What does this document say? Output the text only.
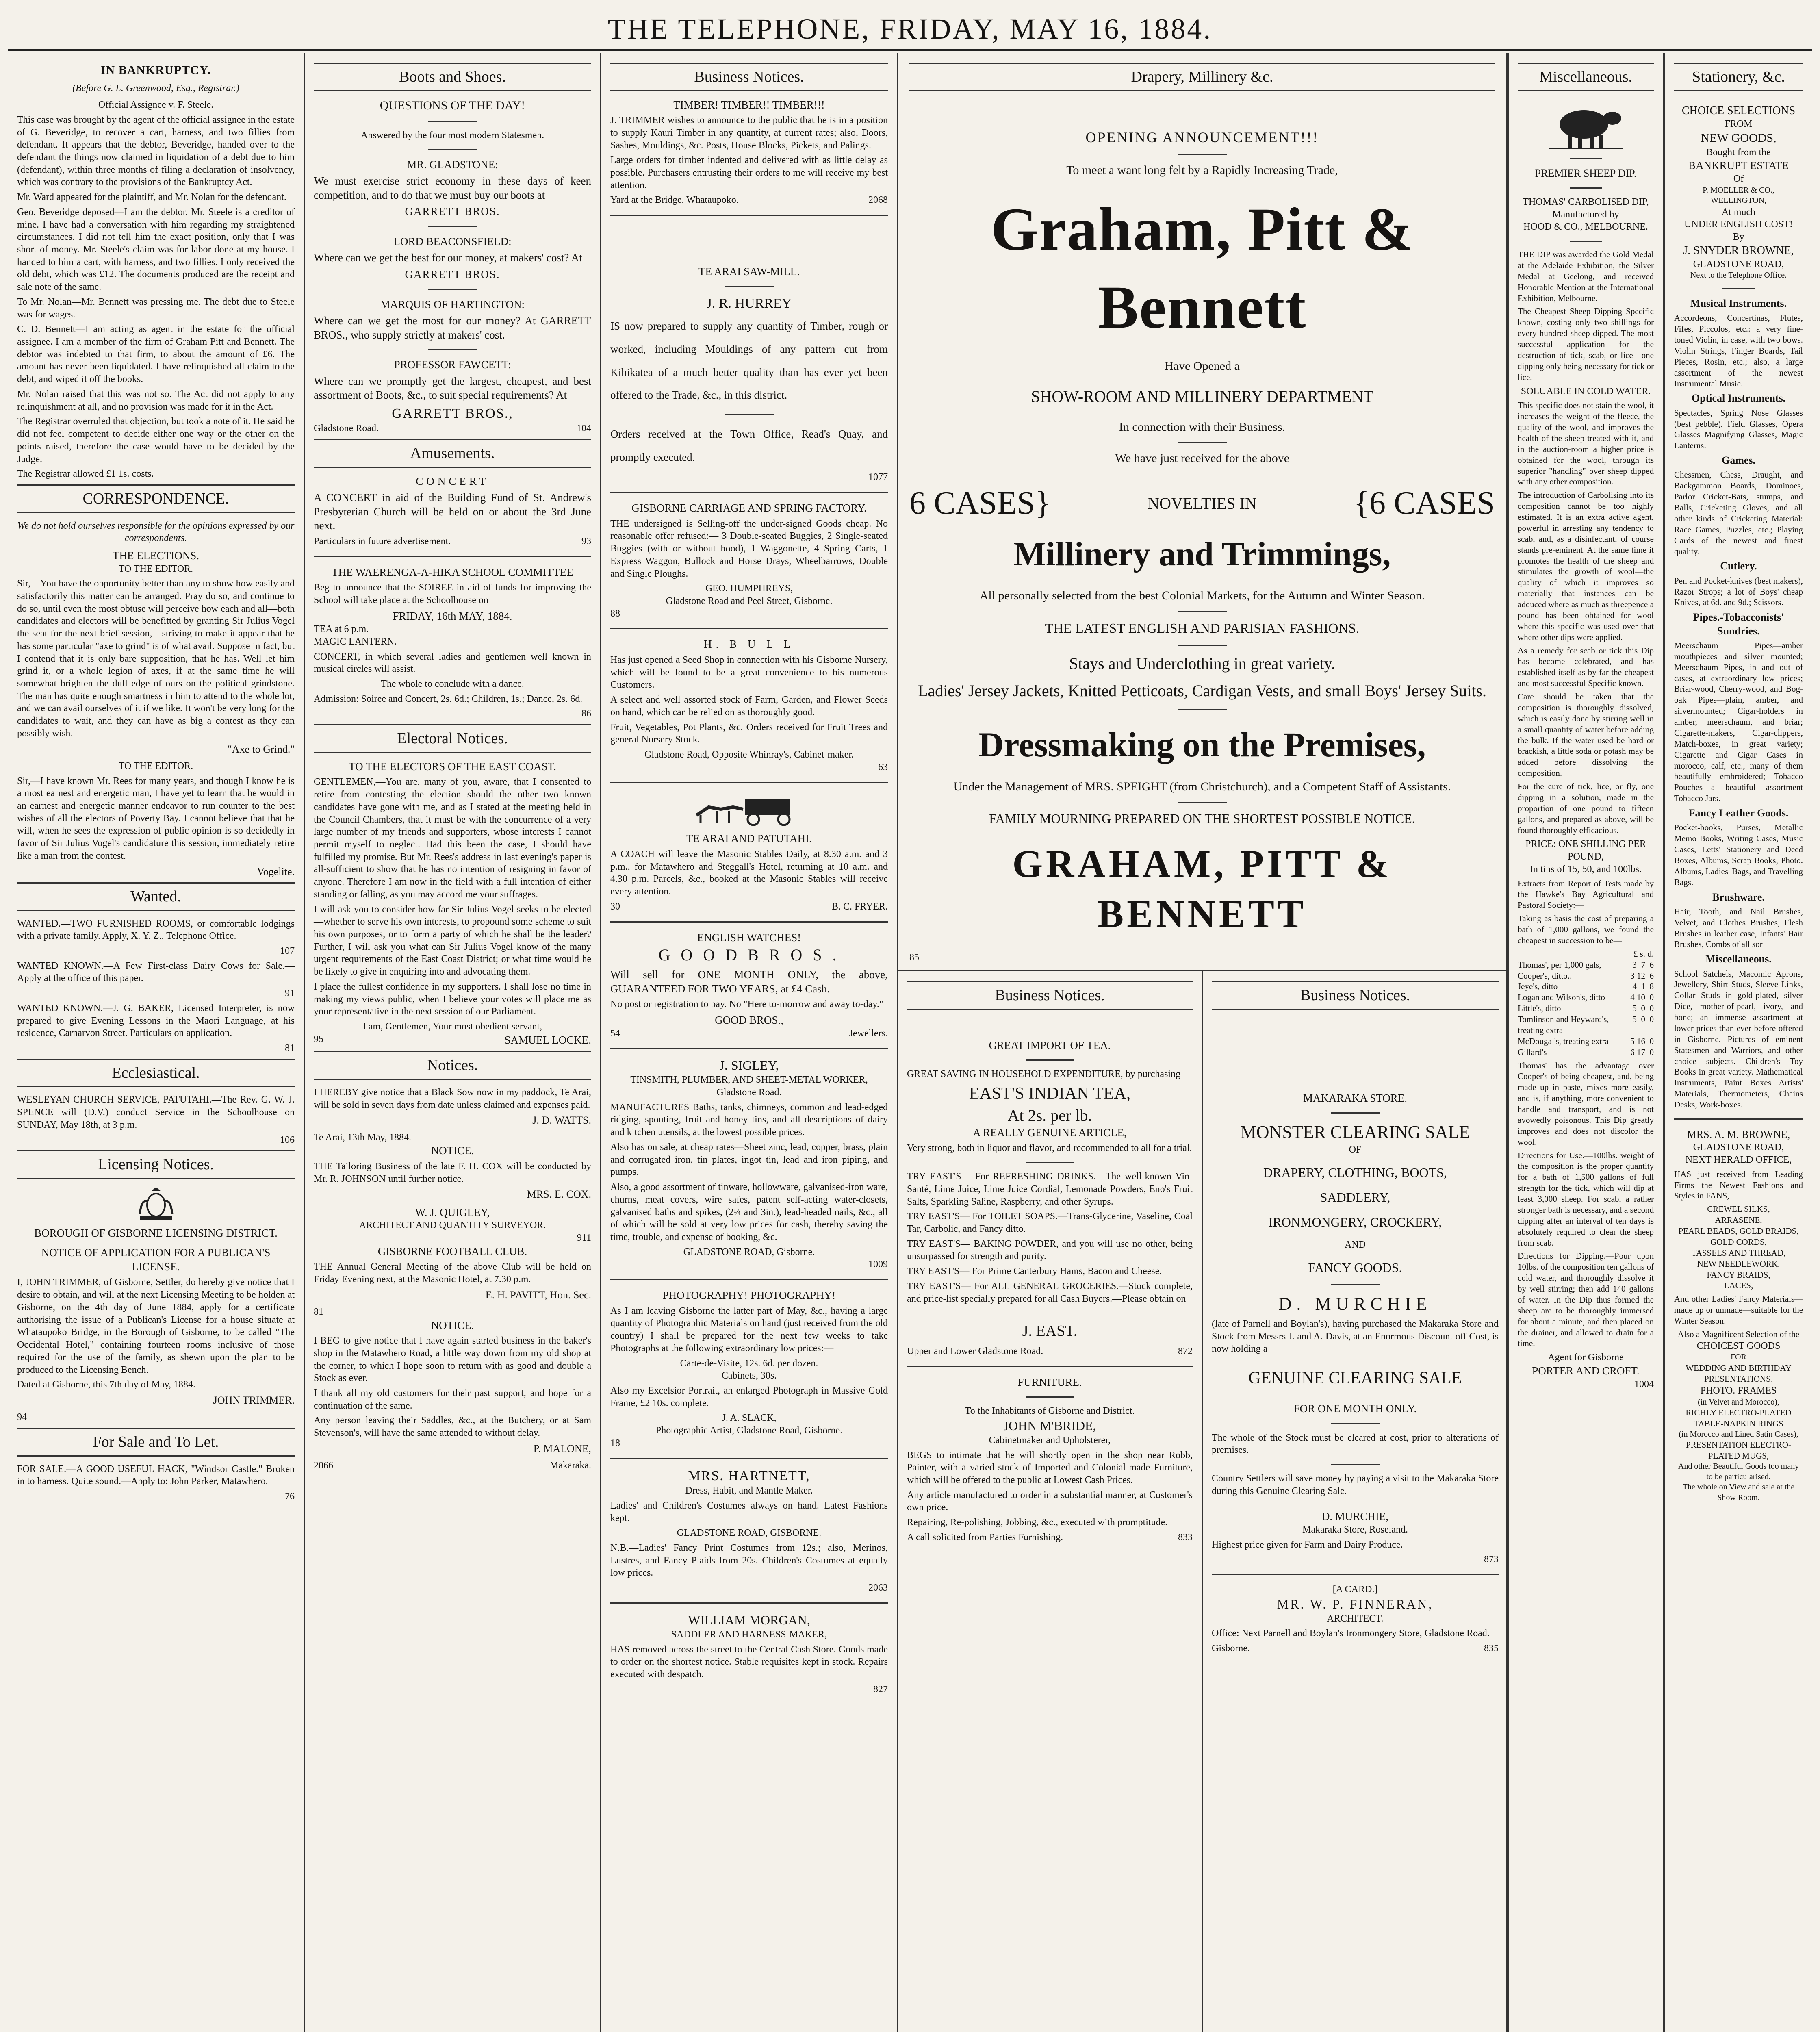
THE TELEPHONE, FRIDAY, MAY 16, 1884.
IN BANKRUPTCY.
(Before G. L. Greenwood, Esq., Registrar.)
Official Assignee v. F. Steele.

This case was brought by the agent of the official assignee in the estate of G. Beveridge, to recover a cart, harness, and two fillies from defendant. It appears that the debtor, Beveridge, handed over to the defendant the things now claimed in liquidation of a debt due to him (defendant), within three months of filing a declaration of insolvency, which was contrary to the provisions of the Bankruptcy Act.

Mr. Ward appeared for the plaintiff, and Mr. Nolan for the defendant.

Geo. Beveridge deposed—I am the debtor. Mr. Steele is a creditor of mine. I have had a conversation with him regarding my straightened circumstances. I did not tell him the exact position, only that I was short of money. Mr. Steele's claim was for labor done at my house. I handed to him a cart, with harness, and two fillies. I only received the old debt, which was £12. The documents produced are the receipt and sale note of the same.

To Mr. Nolan—Mr. Bennett was pressing me. The debt due to Steele was for wages.

C. D. Bennett—I am acting as agent in the estate for the official assignee. I am a member of the firm of Graham Pitt and Bennett. The debtor was indebted to that firm, to about the amount of £6. The amount has never been liquidated. I have relinquished all claim to the debt, and wiped it off the books.

Mr. Nolan raised that this was not so. The Act did not apply to any relinquishment at all, and no provision was made for it in the Act.

The Registrar overruled that objection, but took a note of it. He said he did not feel competent to decide either one way or the other on the points raised, therefore the case would have to be decided by the Judge.

The Registrar allowed £1 1s. costs.

CORRESPONDENCE.
We do not hold ourselves responsible for the opinions expressed by our correspondents.
THE ELECTIONS.
TO THE EDITOR.

Sir,—You have the opportunity better than any to show how easily and satisfactorily this matter can be arranged. Pray do so, and continue to do so, until even the most obtuse will perceive how each and all—both candidates and electors will be benefitted by granting Sir Julius Vogel the seat for the next brief session,—striving to make it appear that he has some particular "axe to grind" is of what avail. Suppose in fact, but I contend that it is only bare supposition, that he has. Well let him grind it, or a whole legion of axes, if at the same time he will somewhat brighten the dull edge of ours on the political grindstone. The man has quite enough smartness in him to attend to the whole lot, and we can avail ourselves of it if we like. It won't be very long for the candidates to wait, and they can have as big a contest as they can possibly wish.

"Axe to Grind."
TO THE EDITOR.

Sir,—I have known Mr. Rees for many years, and though I know he is a most earnest and energetic man, I have yet to learn that he would in an earnest and energetic manner endeavor to run counter to the best wishes of all the electors of Poverty Bay. I cannot believe that that he will, when he sees the expression of public opinion is so decidedly in favor of Sir Julius Vogel's candidature this session, immediately retire like a man from the contest.

Vogelite.
Wanted.

WANTED.—TWO FURNISHED ROOMS, or comfortable lodgings with a private family. Apply, X. Y. Z., Telephone Office.

107

WANTED KNOWN.—A Few First-class Dairy Cows for Sale.—Apply at the office of this paper.

91

WANTED KNOWN.—J. G. BAKER, Licensed Interpreter, is now prepared to give Evening Lessons in the Maori Language, at his residence, Carnarvon Street. Particulars on application.

81
Ecclesiastical.

WESLEYAN CHURCH SERVICE, PATUTAHI.—The Rev. G. W. J. SPENCE will (D.V.) conduct Service in the Schoolhouse on SUNDAY, May 18th, at 3 p.m.

106
Licensing Notices.
BOROUGH OF GISBORNE LICENSING DISTRICT.
NOTICE OF APPLICATION FOR A PUBLICAN'S LICENSE.

I, JOHN TRIMMER, of Gisborne, Settler, do hereby give notice that I desire to obtain, and will at the next Licensing Meeting to be holden at Gisborne, on the 4th day of June 1884, apply for a certificate authorising the issue of a Publican's License for a house situate at Whataupoko Bridge, in the Borough of Gisborne, to be called "The Occidental Hotel," containing fourteen rooms inclusive of those required for the use of the family, as shewn upon the plan to be produced to the Licensing Bench.

Dated at Gisborne, this 7th day of May, 1884.

JOHN TRIMMER.
94
For Sale and To Let.

FOR SALE.—A GOOD USEFUL HACK, "Windsor Castle." Broken in to harness. Quite sound.—Apply to: John Parker, Matawhero.

76
Boots and Shoes.
QUESTIONS OF THE DAY!
Answered by the four most modern Statesmen.
MR. GLADSTONE:

We must exercise strict economy in these days of keen competition, and to do that we must buy our boots at

GARRETT BROS.
LORD BEACONSFIELD:

Where can we get the best for our money, at makers' cost? At

GARRETT BROS.
MARQUIS OF HARTINGTON:

Where can we get the most for our money? At GARRETT BROS., who supply strictly at makers' cost.

PROFESSOR FAWCETT:

Where can we promptly get the largest, cheapest, and best assortment of Boots, &c., to suit special requirements? At

GARRETT BROS.,
Gladstone Road.	104
Amusements.
CONCERT

A CONCERT in aid of the Building Fund of St. Andrew's Presbyterian Church will be held on or about the 3rd June next.

Particulars in future advertisement.	93
THE WAERENGA-A-HIKA SCHOOL COMMITTEE

Beg to announce that the SOIREE in aid of funds for improving the School will take place at the Schoolhouse on

FRIDAY, 16th MAY, 1884.
TEA at 6 p.m.
MAGIC LANTERN.

CONCERT, in which several ladies and gentlemen well known in musical circles will assist.

The whole to conclude with a dance.

Admission: Soiree and Concert, 2s. 6d.; Children, 1s.; Dance, 2s. 6d.

86
Electoral Notices.
TO THE ELECTORS OF THE EAST COAST.

GENTLEMEN,—You are, many of you, aware, that I consented to retire from contesting the election should the other two known candidates have gone with me, and as I stated at the meeting held in the Council Chambers, that it must be with the concurrence of a very large number of my friends and supporters, whose interests I cannot permit myself to neglect. Had this been the case, I should have fulfilled my promise. But Mr. Rees's address in last evening's paper is all-sufficient to show that he has no intention of resigning in favor of anyone. Therefore I am now in the field with a full intention of either standing or falling, as you may accord me your suffrages.

I will ask you to consider how far Sir Julius Vogel seeks to be elected—whether to serve his own interests, to propound some scheme to suit his own purposes, or to form a party of which he shall be the leader? Further, I will ask you what can Sir Julius Vogel know of the many urgent requirements of the East Coast District; or what time would he be likely to give in enquiring into and advocating them.

I place the fullest confidence in my supporters. I shall lose no time in making my views public, when I believe your votes will place me as your representative in the next session of our Parliament.

I am, Gentlemen, Your most obedient servant,
95	SAMUEL LOCKE.
Notices.

I HEREBY give notice that a Black Sow now in my paddock, Te Arai, will be sold in seven days from date unless claimed and expenses paid.

J. D. WATTS.
Te Arai, 13th May, 1884.
NOTICE.

THE Tailoring Business of the late F. H. COX will be conducted by Mr. R. JOHNSON until further notice.

MRS. E. COX.
W. J. QUIGLEY,
ARCHITECT AND QUANTITY SURVEYOR.
911
GISBORNE FOOTBALL CLUB.

THE Annual General Meeting of the above Club will be held on Friday Evening next, at the Masonic Hotel, at 7.30 p.m.

E. H. PAVITT, Hon. Sec.
81
NOTICE.

I BEG to give notice that I have again started business in the baker's shop in the Matawhero Road, a little way down from my old shop at the corner, to which I hope soon to return with as good and double a Stock as ever.

I thank all my old customers for their past support, and hope for a continuation of the same.

Any person leaving their Saddles, &c., at the Butchery, or at Sam Stevenson's, will have the same attended to without delay.

P. MALONE,
2066	Makaraka.
Business Notices.
TIMBER! TIMBER!! TIMBER!!!

J. TRIMMER wishes to announce to the public that he is in a position to supply Kauri Timber in any quantity, at current rates; also, Doors, Sashes, Mouldings, &c. Posts, House Blocks, Pickets, and Palings.

Large orders for timber indented and delivered with as little delay as possible. Purchasers entrusting their orders to me will receive my best attention.

Yard at the Bridge, Whataupoko.	2068
TE ARAI SAW-MILL.
J. R. HURREY

IS now prepared to supply any quantity of Timber, rough or worked, including Mouldings of any pattern cut from Kihikatea of a much better quality than has ever yet been offered to the Trade, &c., in this district.

Orders received at the Town Office, Read's Quay, and promptly executed.

1077
GISBORNE CARRIAGE AND SPRING FACTORY.

THE undersigned is Selling-off the under-signed Goods cheap. No reasonable offer refused:— 3 Double-seated Buggies, 2 Single-seated Buggies (with or without hood), 1 Waggonette, 4 Spring Carts, 1 Express Waggon, Bullock and Horse Drays, Wheelbarrows, Double and Single Ploughs.

GEO. HUMPHREYS,
Gladstone Road and Peel Street, Gisborne.
88
H. B U L L

Has just opened a Seed Shop in connection with his Gisborne Nursery, which will be found to be a great convenience to his numerous Customers.

A select and well assorted stock of Farm, Garden, and Flower Seeds on hand, which can be relied on as thoroughly good.

Fruit, Vegetables, Pot Plants, &c. Orders received for Fruit Trees and general Nursery Stock.

Gladstone Road, Opposite Whinray's, Cabinet-maker.
63
TE ARAI AND PATUTAHI.

A COACH will leave the Masonic Stables Daily, at 8.30 a.m. and 3 p.m., for Matawhero and Steggall's Hotel, returning at 10 a.m. and 4.30 p.m. Parcels, &c., booked at the Masonic Stables will receive every attention.

30	B. C. FRYER.
ENGLISH WATCHES!
G O O D B R O S .

Will sell for ONE MONTH ONLY, the above, GUARANTEED FOR TWO YEARS, at £4 Cash.

No post or registration to pay. No "Here to-morrow and away to-day."

GOOD BROS.,
54	Jewellers.
J. SIGLEY,
TINSMITH, PLUMBER, AND SHEET-METAL WORKER,
Gladstone Road.

MANUFACTURES Baths, tanks, chimneys, common and lead-edged ridging, spouting, fruit and honey tins, and all descriptions of dairy and kitchen utensils, at the lowest possible prices.

Also has on sale, at cheap rates—Sheet zinc, lead, copper, brass, plain and corrugated iron, tin plates, ingot tin, lead and iron piping, and pumps.

Also, a good assortment of tinware, hollowware, galvanised-iron ware, churns, meat covers, wire safes, patent self-acting water-closets, galvanised baths and spikes, (2¼ and 3in.), lead-headed nails, &c., all of which will be sold at very low prices for cash, thereby saving the time, trouble, and expense of booking, &c.

GLADSTONE ROAD, Gisborne.
1009
PHOTOGRAPHY! PHOTOGRAPHY!

As I am leaving Gisborne the latter part of May, &c., having a large quantity of Photographic Materials on hand (just received from the old country) I shall be prepared for the next few weeks to take Photographs at the following extraordinary low prices:—

Carte-de-Visite, 12s. 6d. per dozen.
Cabinets, 30s.

Also my Excelsior Portrait, an enlarged Photograph in Massive Gold Frame, £2 10s. complete.

J. A. SLACK,
Photographic Artist, Gladstone Road, Gisborne.
18
MRS. HARTNETT,
Dress, Habit, and Mantle Maker.

Ladies' and Children's Costumes always on hand. Latest Fashions kept.

GLADSTONE ROAD, GISBORNE.

N.B.—Ladies' Fancy Print Costumes from 12s.; also, Merinos, Lustres, and Fancy Plaids from 20s. Children's Costumes at equally low prices.

2063
WILLIAM MORGAN,
SADDLER AND HARNESS-MAKER,

HAS removed across the street to the Central Cash Store. Goods made to order on the shortest notice. Stable requisites kept in stock. Repairs executed with despatch.

827
Drapery, Millinery &c.
OPENING ANNOUNCEMENT!!!
To meet a want long felt by a Rapidly Increasing Trade,
Graham, Pitt & Bennett
Have Opened a
SHOW-ROOM AND MILLINERY DEPARTMENT
In connection with their Business.
We have just received for the above
6 CASES}	NOVELTIES IN	{6 CASES
Millinery and Trimmings,
All personally selected from the best Colonial Markets, for the Autumn and Winter Season.
THE LATEST ENGLISH AND PARISIAN FASHIONS.
Stays and Underclothing in great variety.
Ladies' Jersey Jackets, Knitted Petticoats, Cardigan Vests, and small Boys' Jersey Suits.
Dressmaking on the Premises,
Under the Management of MRS. SPEIGHT (from Christchurch), and a Competent Staff of Assistants.
FAMILY MOURNING PREPARED ON THE SHORTEST POSSIBLE NOTICE.
GRAHAM, PITT & BENNETT
85
Business Notices.
GREAT IMPORT OF TEA.

GREAT SAVING IN HOUSEHOLD EXPENDITURE, by purchasing

EAST'S INDIAN TEA,
At 2s. per lb.
A REALLY GENUINE ARTICLE,

Very strong, both in liquor and flavor, and recommended to all for a trial.

TRY EAST'S— For REFRESHING DRINKS.—The well-known Vin-Santé, Lime Juice, Lime Juice Cordial, Lemonade Powders, Eno's Fruit Salts, Sparkling Saline, Raspberry, and other Syrups.

TRY EAST'S— For TOILET SOAPS.—Trans-Glycerine, Vaseline, Coal Tar, Carbolic, and Fancy ditto.

TRY EAST'S— BAKING POWDER, and you will use no other, being unsurpassed for strength and purity.

TRY EAST'S— For Prime Canterbury Hams, Bacon and Cheese.

TRY EAST'S— For ALL GENERAL GROCERIES.—Stock complete, and price-list specially prepared for all Cash Buyers.—Please obtain on

J. EAST.
Upper and Lower Gladstone Road.	872
FURNITURE.
To the Inhabitants of Gisborne and District.
JOHN M'BRIDE,
Cabinetmaker and Upholsterer,

BEGS to intimate that he will shortly open in the shop near Robb, Painter, with a varied stock of Imported and Colonial-made Furniture, which will be offered to the public at Lowest Cash Prices.

Any article manufactured to order in a substantial manner, at Customer's own price.

Repairing, Re-polishing, Jobbing, &c., executed with promptitude.

A call solicited from Parties Furnishing.	833
Business Notices.
MAKARAKA STORE.
MONSTER CLEARING SALE
OF
DRAPERY, CLOTHING, BOOTS,
SADDLERY,
IRONMONGERY, CROCKERY,
AND
FANCY GOODS.
D. MURCHIE

(late of Parnell and Boylan's), having purchased the Makaraka Store and Stock from Messrs J. and A. Davis, at an Enormous Discount off Cost, is now holding a

GENUINE CLEARING SALE
FOR ONE MONTH ONLY.

The whole of the Stock must be cleared at cost, prior to alterations of premises.

Country Settlers will save money by paying a visit to the Makaraka Store during this Genuine Clearing Sale.

D. MURCHIE,
Makaraka Store, Roseland.

Highest price given for Farm and Dairy Produce.

873
[A CARD.]
MR. W. P. FINNERAN,
ARCHITECT.

Office: Next Parnell and Boylan's Ironmongery Store, Gladstone Road.

Gisborne.	835
Miscellaneous.
PREMIER SHEEP DIP.
THOMAS' CARBOLISED DIP,
Manufactured by
HOOD & CO., MELBOURNE.

THE DIP was awarded the Gold Medal at the Adelaide Exhibition, the Silver Medal at Geelong, and received Honorable Mention at the International Exhibition, Melbourne.

The Cheapest Sheep Dipping Specific known, costing only two shillings for every hundred sheep dipped. The most successful application for the destruction of tick, scab, or lice—one dipping only being necessary for tick or lice.

SOLUABLE IN COLD WATER.

This specific does not stain the wool, it increases the weight of the fleece, the quality of the wool, and improves the health of the sheep treated with it, and in the auction-room a higher price is obtained for the wool, through its superior "handling" over sheep dipped with any other composition.

The introduction of Carbolising into its composition cannot be too highly estimated. It is an extra active agent, powerful in arresting any tendency to scab, and, as a disinfectant, of course stands pre-eminent. At the same time it promotes the health of the sheep and stimulates the growth of wool—the quality of which it improves so materially that instances can be adduced where as much as threepence a pound has been obtained for wool where this specific was used over that where other dips were applied.

As a remedy for scab or tick this Dip has become celebrated, and has established itself as by far the cheapest and most successful Specific known.

Care should be taken that the composition is thoroughly dissolved, which is easily done by stirring well in a small quantity of water before adding the bulk. If the water used be hard or brackish, a little soda or potash may be added before dissolving the composition.

For the cure of tick, lice, or fly, one dipping in a solution, made in the proportion of one pound to fifteen gallons, and prepared as above, will be found thoroughly efficacious.

PRICE: ONE SHILLING PER POUND,
In tins of 15, 50, and 100lbs.

Extracts from Report of Tests made by the Hawke's Bay Agricultural and Pastoral Society:—

Taking as basis the cost of preparing a bath of 1,000 gallons, we found the cheapest in succession to be—

£ s. d.
Thomas', per 1,000 gals,	3  7  6
Cooper's, ditto..	3 12  6
Jeye's, ditto	4  1  8
Logan and Wilson's, ditto	4 10  0
Little's, ditto	5  0  0
Tomlinson and Heyward's, treating extra
5  0  0
McDougal's, treating extra	5 16  0
Gillard's	6 17  0

Thomas' has the advantage over Cooper's of being cheapest, and, being made up in paste, mixes more easily, and is, if anything, more convenient to handle and transport, and is not avowedly poisonous. This Dip greatly improves and does not discolor the wool.

Directions for Use.—100lbs. weight of the composition is the proper quantity for a bath of 1,500 gallons of full strength for the tick, which will dip at least 3,000 sheep. For scab, a rather stronger bath is necessary, and a second dipping after an interval of ten days is absolutely required to clear the sheep from scab.

Directions for Dipping.—Pour upon 10lbs. of the composition ten gallons of cold water, and thoroughly dissolve it by well stirring; then add 140 gallons of water. In the Dip thus formed the sheep are to be thoroughly immersed for about a minute, and then placed on the drainer, and allowed to drain for a time.

Agent for Gisborne
PORTER AND CROFT.
1004
Stationery, &c.
CHOICE SELECTIONS
FROM
NEW GOODS,
Bought from the
BANKRUPT ESTATE
Of
P. MOELLER & CO., WELLINGTON,
At much
UNDER ENGLISH COST!
By
J. SNYDER BROWNE,
GLADSTONE ROAD,
Next to the Telephone Office.
Musical Instruments.

Accordeons, Concertinas, Flutes, Fifes, Piccolos, etc.: a very fine-toned Violin, in case, with two bows. Violin Strings, Finger Boards, Tail Pieces, Rosin, etc.; also, a large assortment of the newest Instrumental Music.

Optical Instruments.

Spectacles, Spring Nose Glasses (best pebble), Field Glasses, Opera Glasses Magnifying Glasses, Magic Lanterns.

Games.

Chessmen, Chess, Draught, and Backgammon Boards, Dominoes, Parlor Cricket-Bats, stumps, and Balls, Cricketing Gloves, and all other kinds of Cricketing Material: Race Games, Puzzles, etc.; Playing Cards of the newest and finest quality.

Cutlery.

Pen and Pocket-knives (best makers), Razor Strops; a lot of Boys' cheap Knives, at 6d. and 9d.; Scissors.

Pipes.-Tobacconists' Sundries.

Meerschaum Pipes—amber mouthpieces and silver mounted; Meerschaum Pipes, in and out of cases, at extraordinary low prices; Briar-wood, Cherry-wood, and Bog-oak Pipes—plain, amber, and silvermounted; Cigar-holders in amber, meerschaum, and briar; Cigarette-makers, Cigar-clippers, Match-boxes, in great variety; Cigarette and Cigar Cases in morocco, calf, etc., many of them beautifully embroidered; Tobacco Pouches—a beautiful assortment Tobacco Jars.

Fancy Leather Goods.

Pocket-books, Purses, Metallic Memo Books, Writing Cases, Music Cases, Letts' Stationery and Deed Boxes, Albums, Scrap Books, Photo. Albums, Ladies' Bags, and Travelling Bags.

Brushware.

Hair, Tooth, and Nail Brushes, Velvet, and Clothes Brushes, Flesh Brushes in leather case, Infants' Hair Brushes, Combs of all sor

Miscellaneous.

School Satchels, Macomic Aprons, Jewellery, Shirt Studs, Sleeve Links, Collar Studs in gold-plated, silver Dice, mother-of-pearl, ivory, and bone; an immense assortment at lower prices than ever before offered in Gisborne. Pictures of eminent Statesmen and Warriors, and other choice subjects. Children's Toy Books in great variety. Mathematical Instruments, Paint Boxes Artists' Materials, Thermometers, Chains Desks, Work-boxes.

MRS. A. M. BROWNE,
GLADSTONE ROAD,
NEXT HERALD OFFICE,

HAS just received from Leading Firms the Newest Fashions and Styles in FANS,

CREWEL SILKS,
ARRASENE,
PEARL BEADS, GOLD BRAIDS,
GOLD CORDS,
TASSELS AND THREAD,
NEW NEEDLEWORK,
FANCY BRAIDS,
LACES,

And other Ladies' Fancy Materials—made up or unmade—suitable for the Winter Season.

Also a Magnificent Selection of the
CHOICEST GOODS
FOR
WEDDING AND BIRTHDAY PRESENTATIONS.
PHOTO. FRAMES
(in Velvet and Morocco),
RICHLY ELECTRO-PLATED TABLE-NAPKIN RINGS
(in Morocco and Lined Satin Cases),
PRESENTATION ELECTRO-PLATED MUGS,
And other Beautiful Goods too many to be particularised.
The whole on View and sale at the Show Room.
